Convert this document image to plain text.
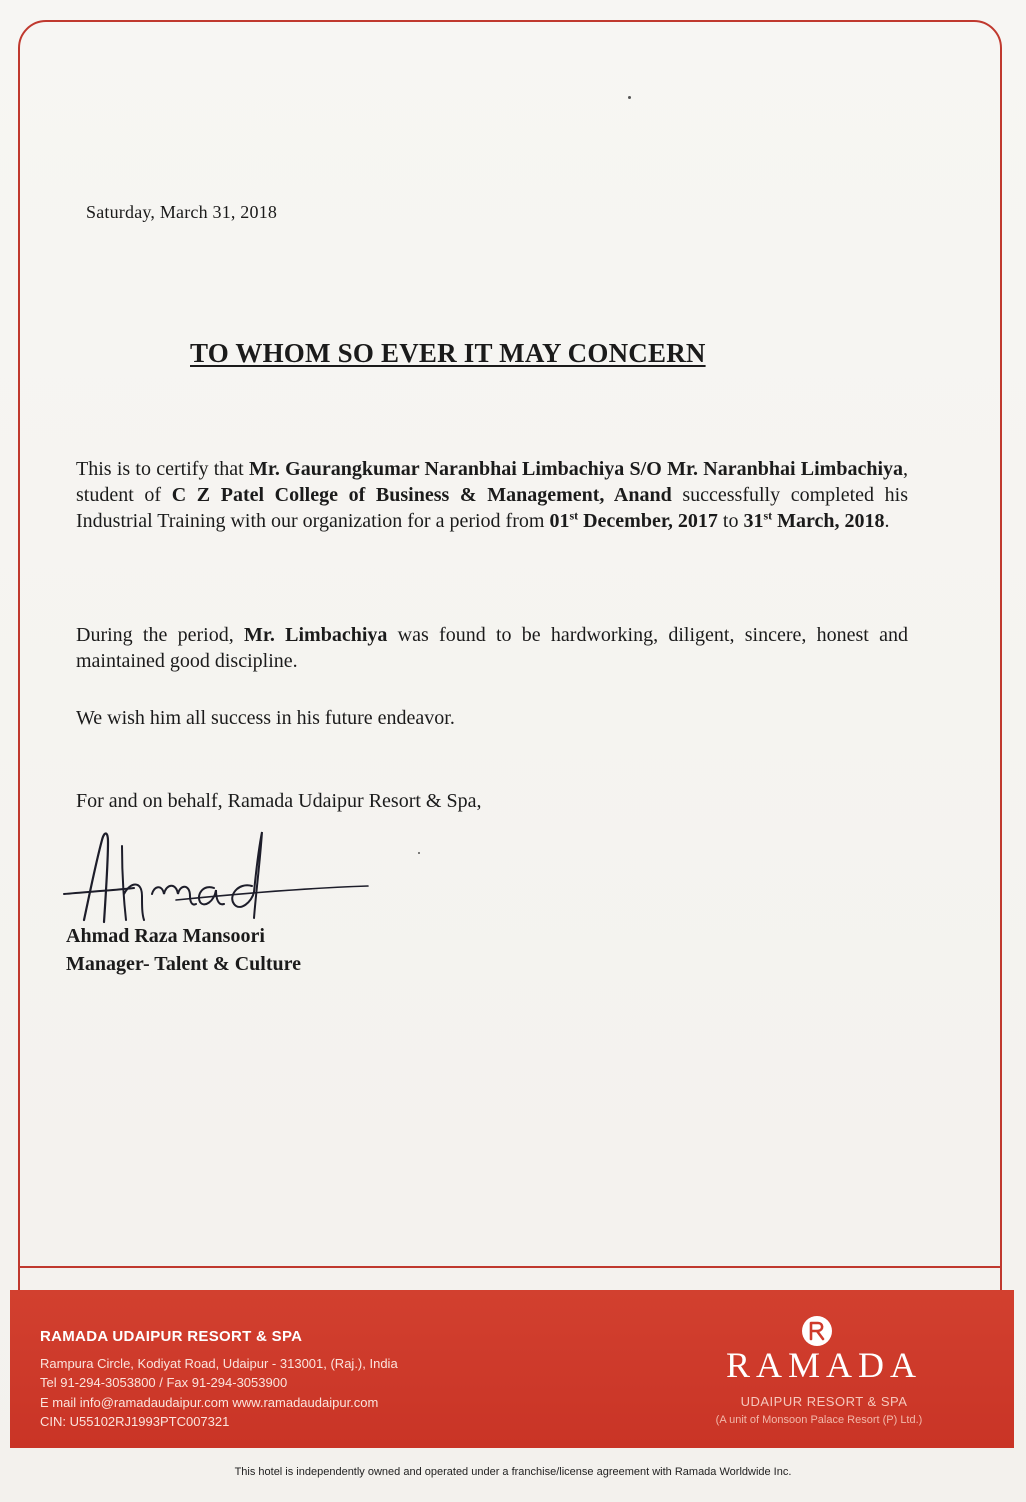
Saturday, March 31, 2018
TO WHOM SO EVER IT MAY CONCERN
This is to certify that Mr. Gaurangkumar Naranbhai Limbachiya S/O Mr. Naranbhai Limbachiya, student of C Z Patel College of Business & Management, Anand successfully completed his Industrial Training with our organization for a period from 01st December, 2017 to 31st March, 2018.
During the period, Mr. Limbachiya was found to be hardworking, diligent, sincere, honest and maintained good discipline.
We wish him all success in his future endeavor.
For and on behalf, Ramada Udaipur Resort & Spa,
Ahmad Raza Mansoori
Manager- Talent & Culture
RAMADA UDAIPUR RESORT & SPA
Rampura Circle, Kodiyat Road, Udaipur - 313001, (Raj.), India
Tel 91-294-3053800 / Fax 91-294-3053900
E mail info@ramadaudaipur.com www.ramadaudaipur.com
CIN: U55102RJ1993PTC007321
RAMADA
UDAIPUR RESORT & SPA
(A unit of Monsoon Palace Resort (P) Ltd.)
This hotel is independently owned and operated under a franchise/license agreement with Ramada Worldwide Inc.
